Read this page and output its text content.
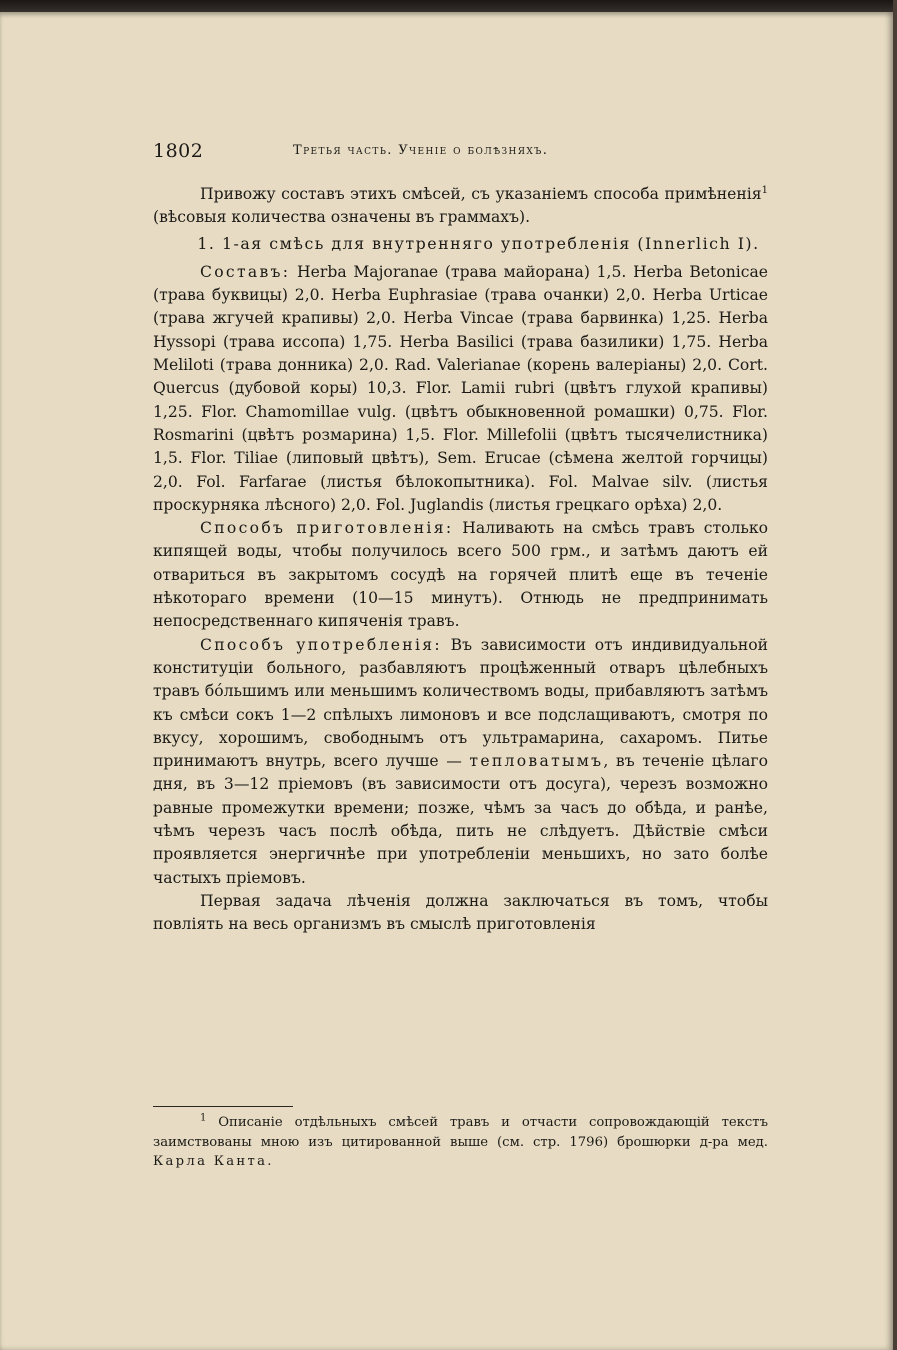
1802	Третья часть. Ученіе о болѣзняхъ.

Привожу составъ этихъ смѣсей, съ указаніемъ способа примѣненія$^1$ (вѣсовыя количества означены въ граммахъ).

1. 1-ая смѣсь для внутренняго употребленія (Innerlich I).

Составъ: Herba Majoranae (трава майорана) 1,5. Herba Betonicae (трава буквицы) 2,0. Herba Euphrasiae (трава очанки) 2,0. Herba Urticae (трава жгучей крапивы) 2,0. Herba Vincae (трава барвинка) 1,25. Herba Hyssopi (трава иссопа) 1,75. Herba Basilici (трава базилики) 1,75. Herba Meliloti (трава донника) 2,0. Rad. Valerianae (корень валеріаны) 2,0. Cort. Quercus (дубовой коры) 10,3. Flor. Lamii rubri (цвѣтъ глухой крапивы) 1,25. Flor. Chamomillae vulg. (цвѣтъ обыкновенной ромашки) 0,75. Flor. Rosmarini (цвѣтъ розмарина) 1,5. Flor. Millefolii (цвѣтъ тысячелистника) 1,5. Flor. Tiliae (липовый цвѣтъ), Sem. Erucae (сѣмена желтой горчицы) 2,0. Fol. Farfarae (листья бѣлокопытника). Fol. Malvae silv. (листья проскурняка лѣсного) 2,0. Fol. Juglandis (листья грецкаго орѣха) 2,0.

Способъ приготовленія: Наливають на смѣсь травъ столько кипящей воды, чтобы получилось всего 500 грм., и затѣмъ даютъ ей отвариться въ закрытомъ сосудѣ на горячей плитѣ еще въ теченіе нѣкотораго времени (10—15 минутъ). Отнюдь не предпринимать непосредственнаго кипяченія травъ.

Способъ употребленія: Въ зависимости отъ индивидуальной конституціи больного, разбавляютъ процѣженный отваръ цѣлебныхъ травъ бóльшимъ или меньшимъ количествомъ воды, прибавляютъ затѣмъ къ смѣси сокъ 1—2 спѣлыхъ лимоновъ и все подслащиваютъ, смотря по вкусу, хорошимъ, свободнымъ отъ ультрамарина, сахаромъ. Питье принимаютъ внутрь, всего лучше — тепловатымъ, въ теченіе цѣлаго дня, въ 3—12 пріемовъ (въ зависимости отъ досуга), черезъ возможно равные промежутки времени; позже, чѣмъ за часъ до обѣда, и ранѣе, чѣмъ черезъ часъ послѣ обѣда, пить не слѣдуетъ. Дѣйствіе смѣси проявляется энергичнѣе при употребленіи меньшихъ, но зато болѣе частыхъ пріемовъ.

Первая задача лѣченія должна заключаться въ томъ, чтобы повліять на весь организмъ въ смыслѣ приготовленія

$^1$ Описаніе отдѣльныхъ смѣсей травъ и отчасти сопровождающій текстъ заимствованы мною изъ цитированной выше (см. стр. 1796) брошюрки д-ра мед. Карла Канта.
